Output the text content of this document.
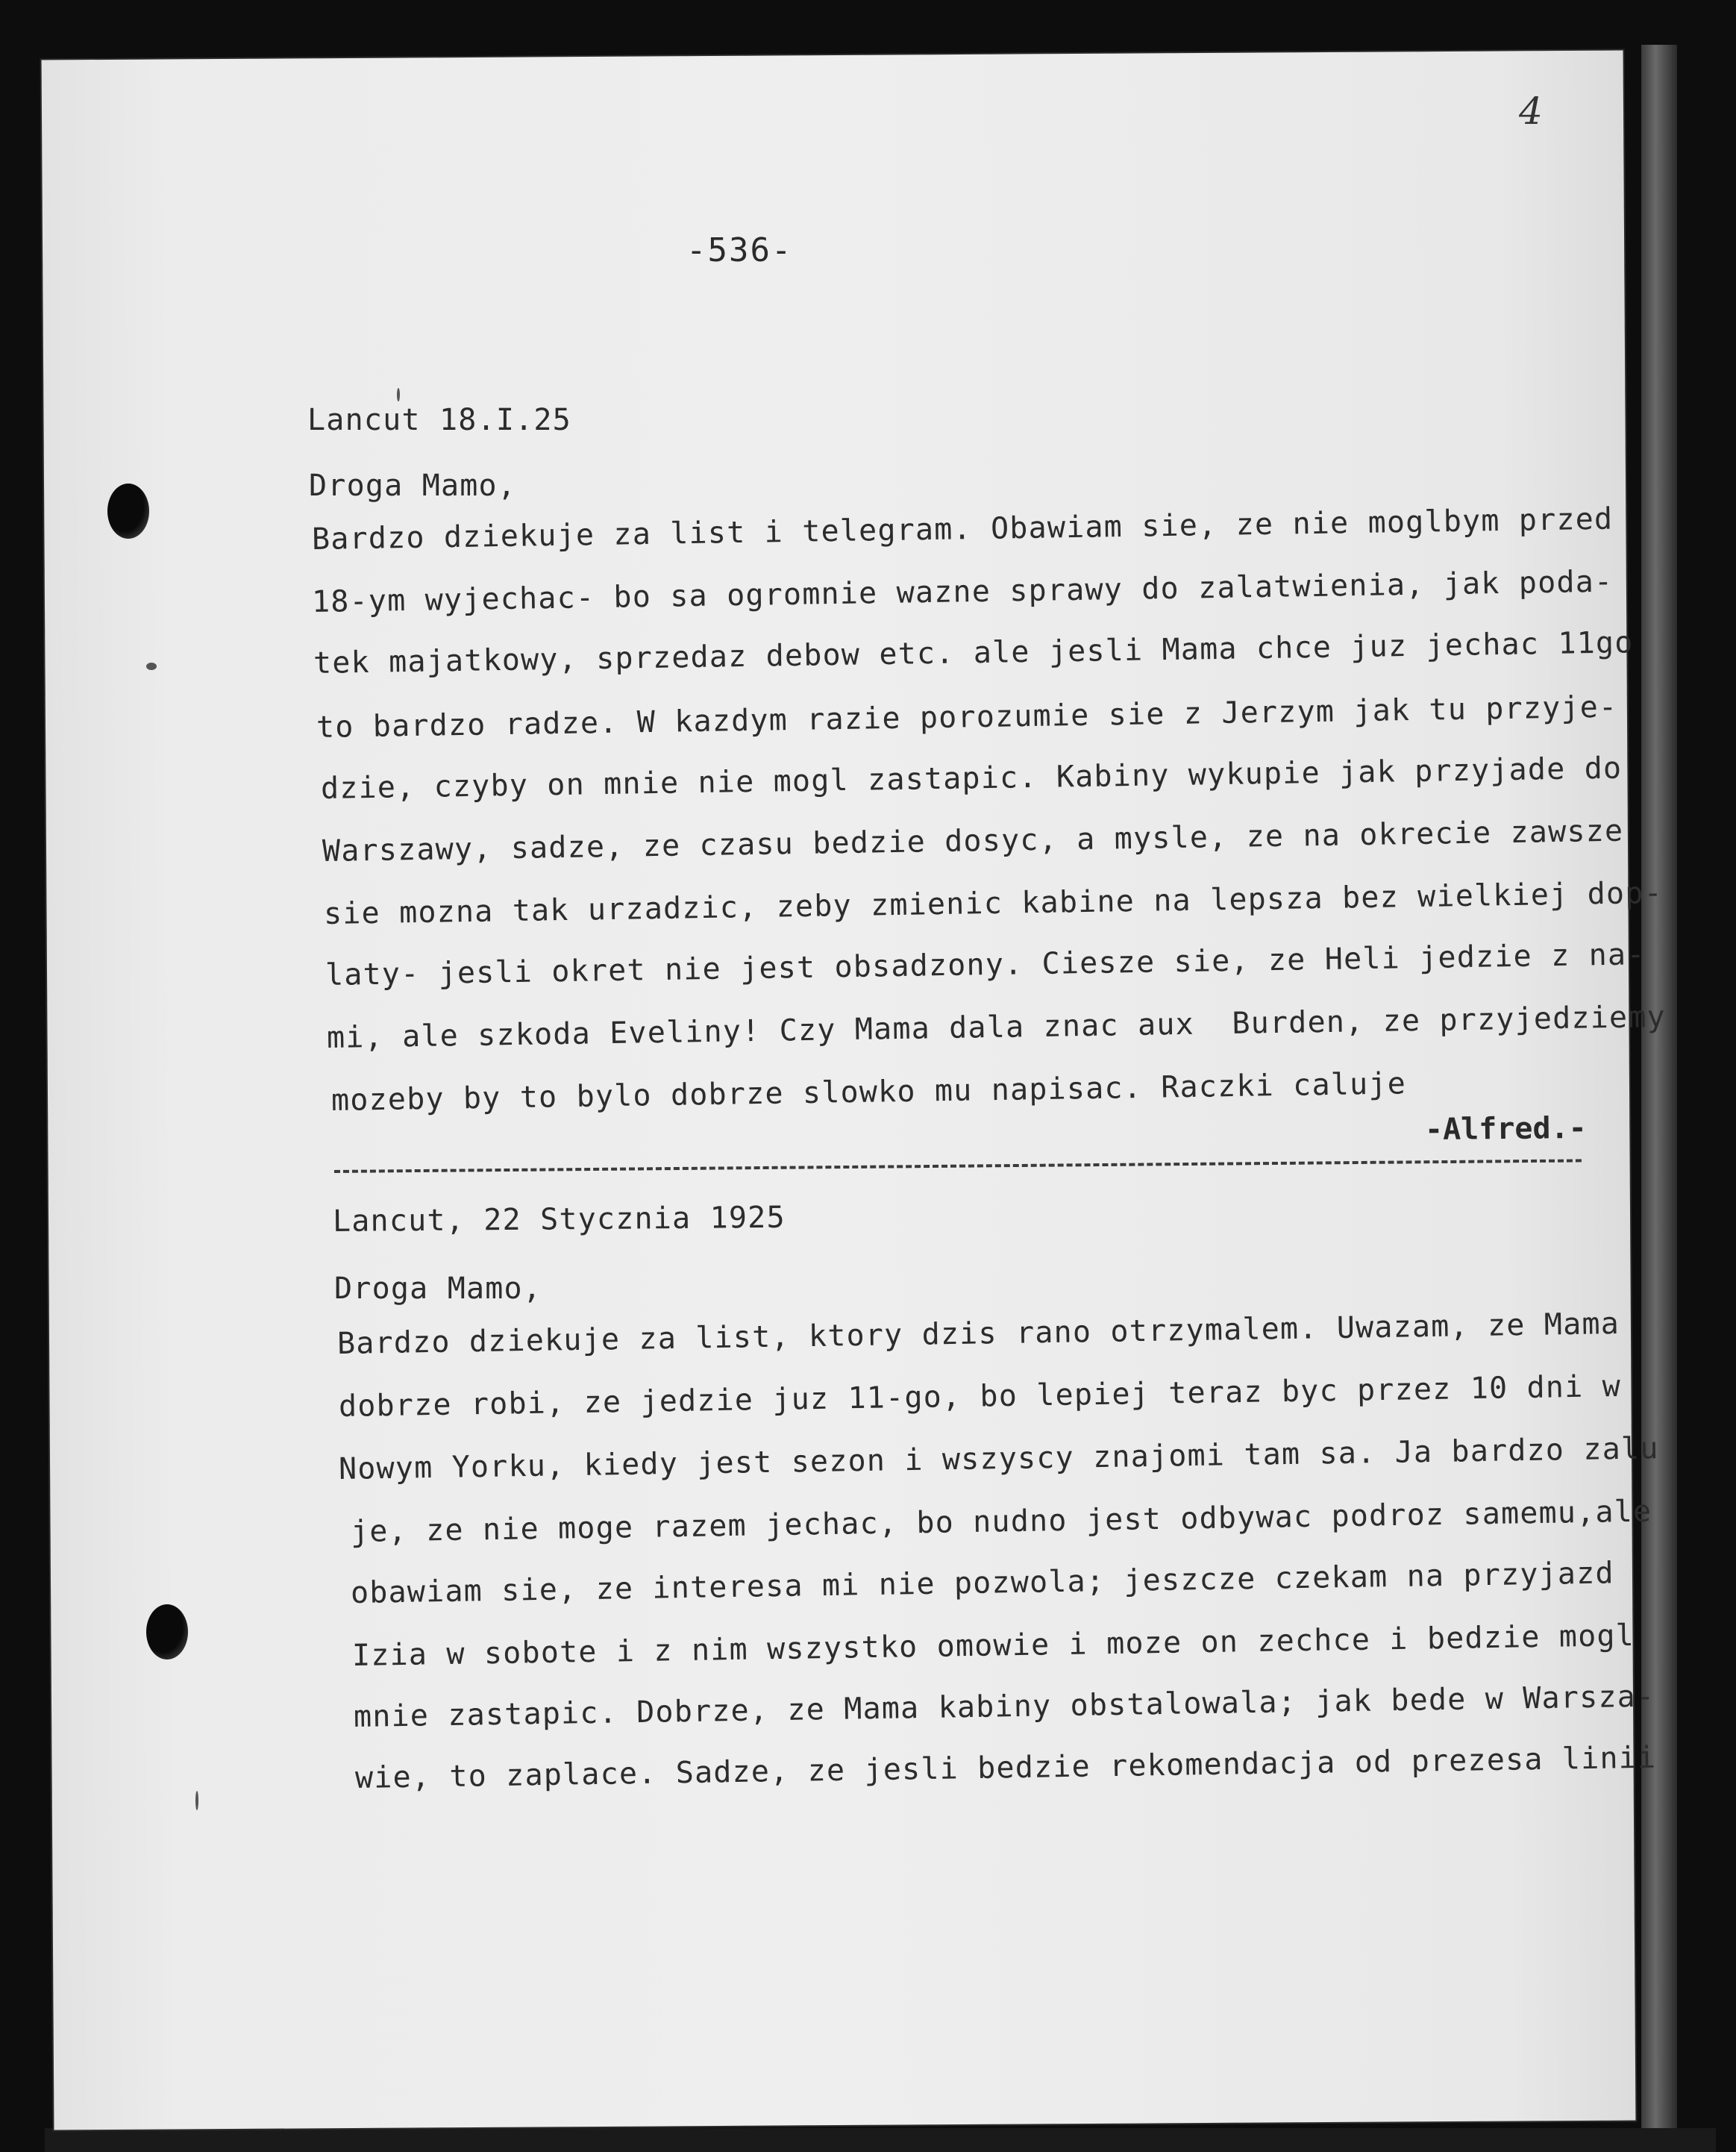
4
-536-
Lancut 18.I.25
Droga Mamo,
Bardzo dziekuje za list i telegram. Obawiam sie, ze nie moglbym przed
18-ym wyjechac- bo sa ogromnie wazne sprawy do zalatwienia, jak poda-
tek majatkowy, sprzedaz debow etc. ale jesli Mama chce juz jechac 11go
to bardzo radze. W kazdym razie porozumie sie z Jerzym jak tu przyje-
dzie, czyby on mnie nie mogl zastapic. Kabiny wykupie jak przyjade do
Warszawy, sadze, ze czasu bedzie dosyc, a mysle, ze na okrecie zawsze
sie mozna tak urzadzic, zeby zmienic kabine na lepsza bez wielkiej dop-
laty- jesli okret nie jest obsadzony. Ciesze sie, ze Heli jedzie z na-
mi, ale szkoda Eveliny! Czy Mama dala znac aux  Burden, ze przyjedziemy
mozeby by to bylo dobrze slowko mu napisac. Raczki caluje
-Alfred.-
Lancut, 22 Stycznia 1925
Droga Mamo,
Bardzo dziekuje za list, ktory dzis rano otrzymalem. Uwazam, ze Mama
dobrze robi, ze jedzie juz 11-go, bo lepiej teraz byc przez 10 dni w
Nowym Yorku, kiedy jest sezon i wszyscy znajomi tam sa. Ja bardzo zalu
je, ze nie moge razem jechac, bo nudno jest odbywac podroz samemu,ale
obawiam sie, ze interesa mi nie pozwola; jeszcze czekam na przyjazd
Izia w sobote i z nim wszystko omowie i moze on zechce i bedzie mogl
mnie zastapic. Dobrze, ze Mama kabiny obstalowala; jak bede w Warsza-
wie, to zaplace. Sadze, ze jesli bedzie rekomendacja od prezesa linii
